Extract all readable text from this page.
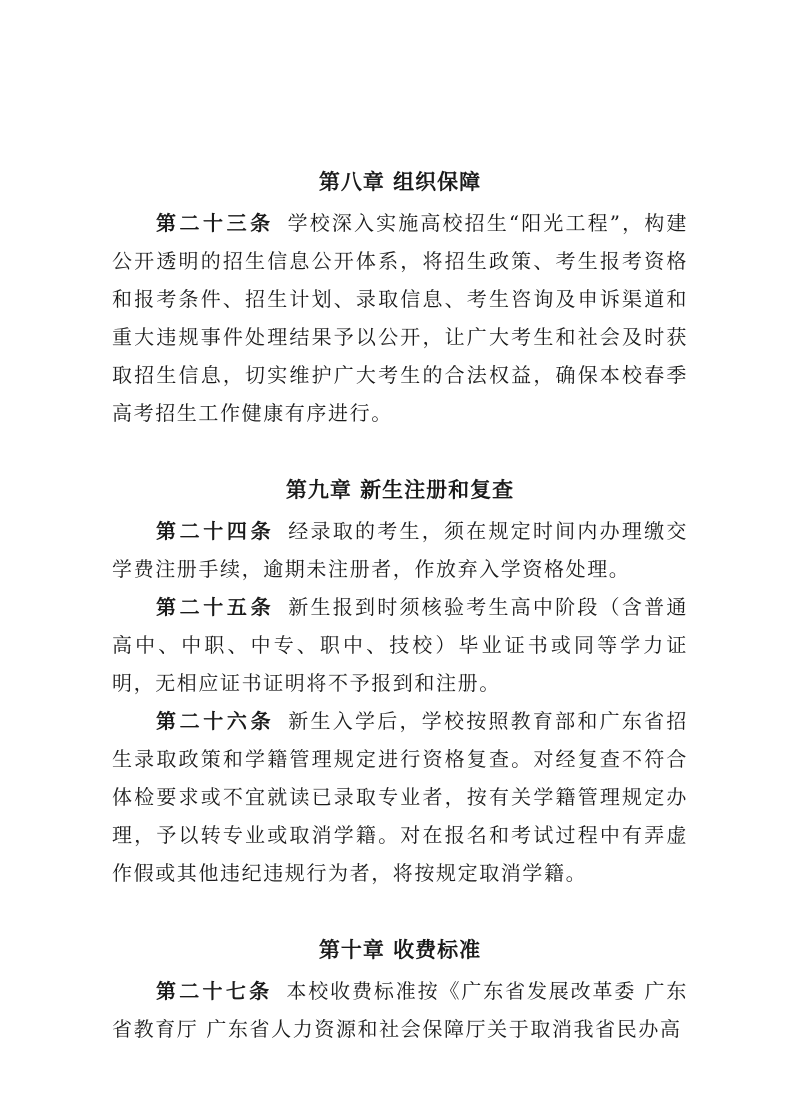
第八章 组织保障

第二十三条 学校深入实施高校招生“阳光工程”，构建公开透明的招生信息公开体系，将招生政策、考生报考资格和报考条件、招生计划、录取信息、考生咨询及申诉渠道和重大违规事件处理结果予以公开，让广大考生和社会及时获取招生信息，切实维护广大考生的合法权益，确保本校春季高考招生工作健康有序进行。

第九章 新生注册和复查

第二十四条 经录取的考生，须在规定时间内办理缴交学费注册手续，逾期未注册者，作放弃入学资格处理。

第二十五条 新生报到时须核验考生高中阶段（含普通高中、中职、中专、职中、技校）毕业证书或同等学力证明，无相应证书证明将不予报到和注册。

第二十六条 新生入学后，学校按照教育部和广东省招生录取政策和学籍管理规定进行资格复查。对经复查不符合体检要求或不宜就读已录取专业者，按有关学籍管理规定办理，予以转专业或取消学籍。对在报名和考试过程中有弄虚作假或其他违纪违规行为者，将按规定取消学籍。

第十章 收费标准

第二十七条 本校收费标准按《广东省发展改革委 广东省教育厅 广东省人力资源和社会保障厅关于取消我省民办高
